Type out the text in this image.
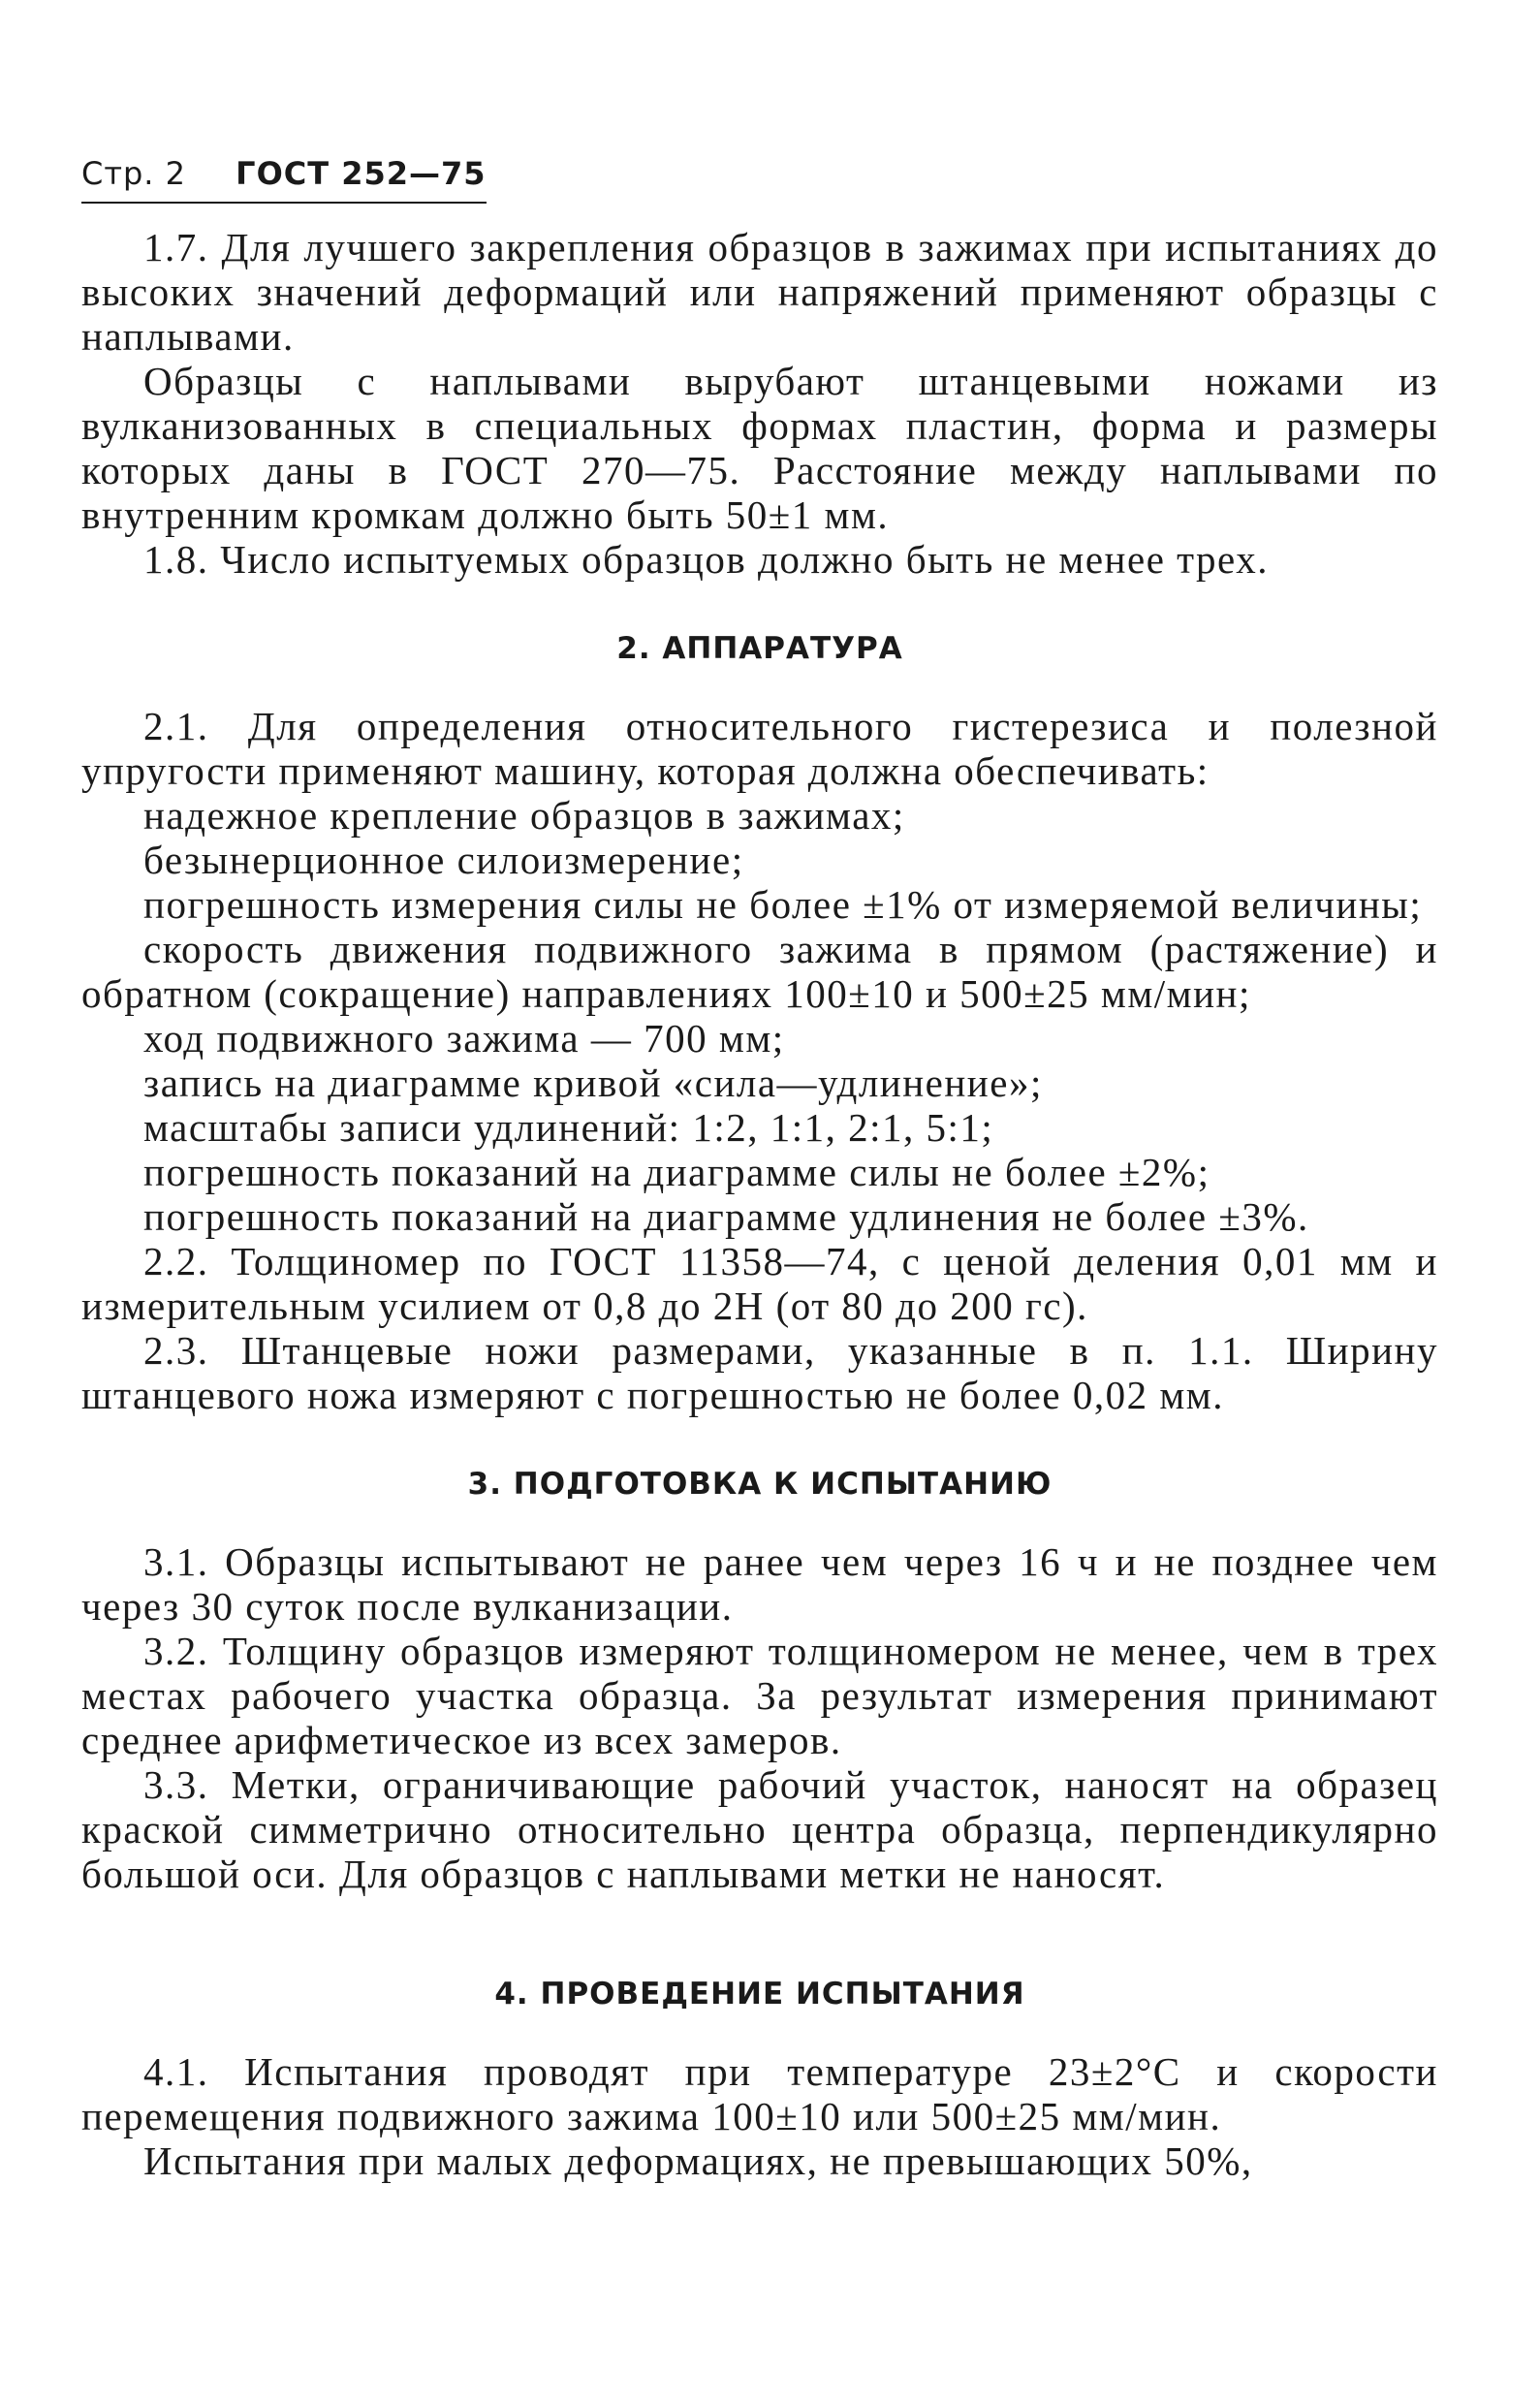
Стр. 2 ГОСТ 252—75

1.7. Для лучшего закрепления образцов в зажимах при испытаниях до высоких значений деформаций или напряжений применяют образцы с наплывами.

Образцы с наплывами вырубают штанцевыми ножами из вулканизованных в специальных формах пластин, форма и размеры которых даны в ГОСТ 270—75. Расстояние между наплывами по внутренним кромкам должно быть 50±1 мм.

1.8. Число испытуемых образцов должно быть не менее трех.

2. АППАРАТУРА

2.1. Для определения относительного гистерезиса и полезной упругости применяют машину, которая должна обеспечивать:

надежное крепление образцов в зажимах;

безынерционное силоизмерение;

погрешность измерения силы не более ±1% от измеряемой величины;

скорость движения подвижного зажима в прямом (растяжение) и обратном (сокращение) направлениях 100±10 и 500±25 мм/мин;

ход подвижного зажима — 700 мм;

запись на диаграмме кривой «сила—удлинение»;

масштабы записи удлинений: 1:2, 1:1, 2:1, 5:1;

погрешность показаний на диаграмме силы не более ±2%;

погрешность показаний на диаграмме удлинения не более ±3%.

2.2. Толщиномер по ГОСТ 11358—74, с ценой деления 0,01 мм и измерительным усилием от 0,8 до 2Н (от 80 до 200 гс).

2.3. Штанцевые ножи размерами, указанные в п. 1.1. Ширину штанцевого ножа измеряют с погрешностью не более 0,02 мм.

3. ПОДГОТОВКА К ИСПЫТАНИЮ

3.1. Образцы испытывают не ранее чем через 16 ч и не позднее чем через 30 суток после вулканизации.

3.2. Толщину образцов измеряют толщиномером не менее, чем в трех местах рабочего участка образца. За результат измерения принимают среднее арифметическое из всех замеров.

3.3. Метки, ограничивающие рабочий участок, наносят на образец краской симметрично относительно центра образца, перпендикулярно большой оси. Для образцов с наплывами метки не наносят.

4. ПРОВЕДЕНИЕ ИСПЫТАНИЯ

4.1. Испытания проводят при температуре 23±2°С и скорости перемещения подвижного зажима 100±10 или 500±25 мм/мин.

Испытания при малых деформациях, не превышающих 50%,
